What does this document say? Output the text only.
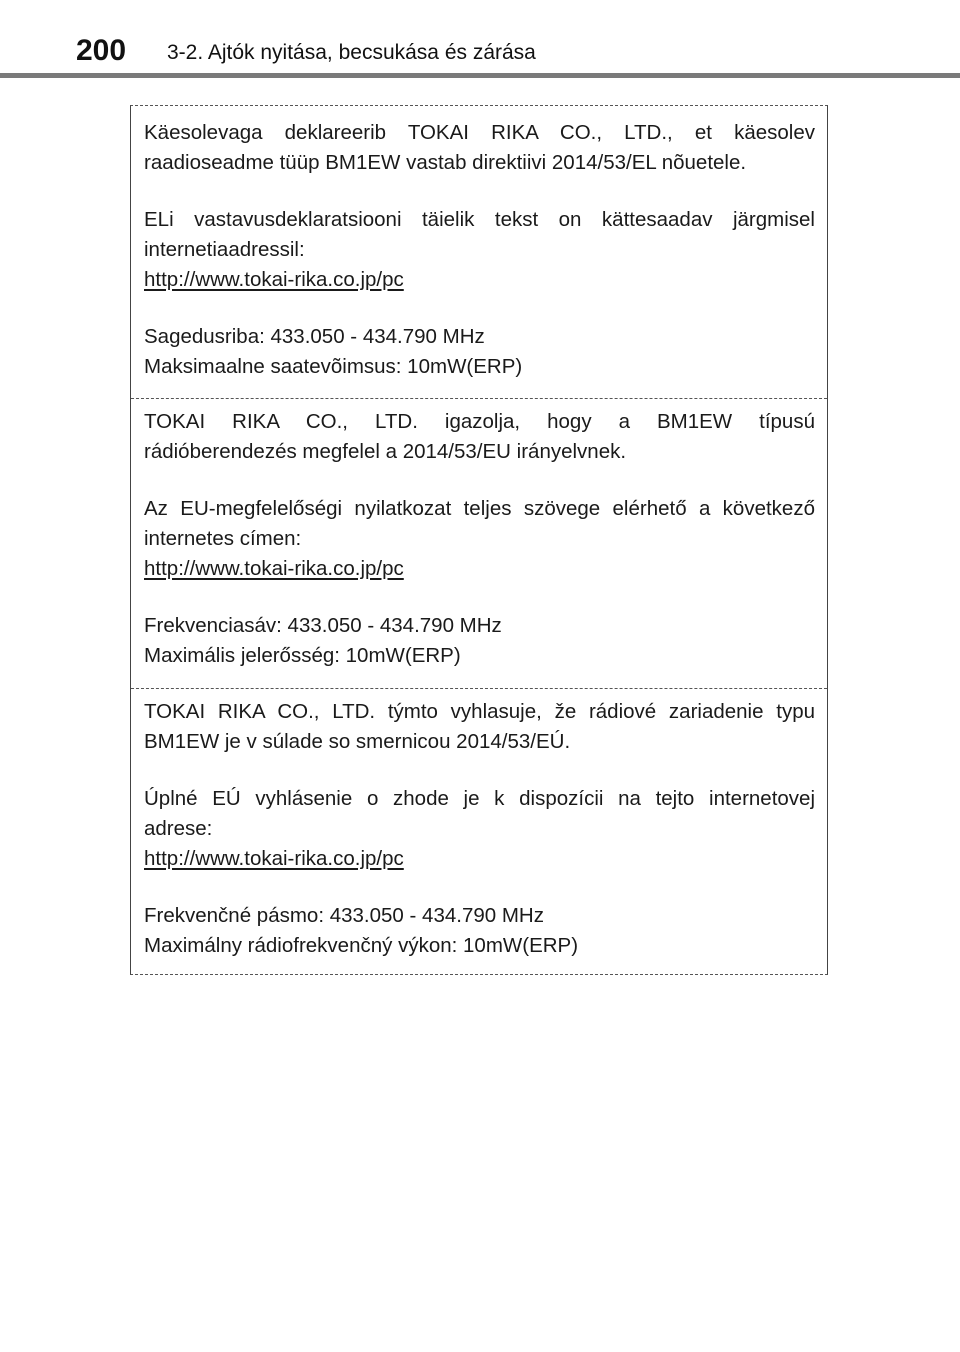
200 3-2. Ajtók nyitása, becsukása és zárása

Käesolevaga deklareerib TOKAI RIKA CO., LTD., et käesolev

raadioseadme tüüp BM1EW vastab direktiivi 2014/53/EL nõuetele.

ELi vastavusdeklaratsiooni täielik tekst on kättesaadav järgmisel

internetiaadressil:

http://www.tokai-rika.co.jp/pc

Sagedusriba: 433.050 - 434.790 MHz

Maksimaalne saatevõimsus: 10mW(ERP)

TOKAI RIKA CO., LTD. igazolja, hogy a BM1EW típusú

rádióberendezés megfelel a 2014/53/EU irányelvnek.

Az EU-megfelelőségi nyilatkozat teljes szövege elérhető a következő

internetes címen:

http://www.tokai-rika.co.jp/pc

Frekvenciasáv: 433.050 - 434.790 MHz

Maximális jelerősség: 10mW(ERP)

TOKAI RIKA CO., LTD. týmto vyhlasuje, že rádiové zariadenie typu

BM1EW je v súlade so smernicou 2014/53/EÚ.

Úplné EÚ vyhlásenie o zhode je k dispozícii na tejto internetovej

adrese:

http://www.tokai-rika.co.jp/pc

Frekvenčné pásmo: 433.050 - 434.790 MHz

Maximálny rádiofrekvenčný výkon: 10mW(ERP)
